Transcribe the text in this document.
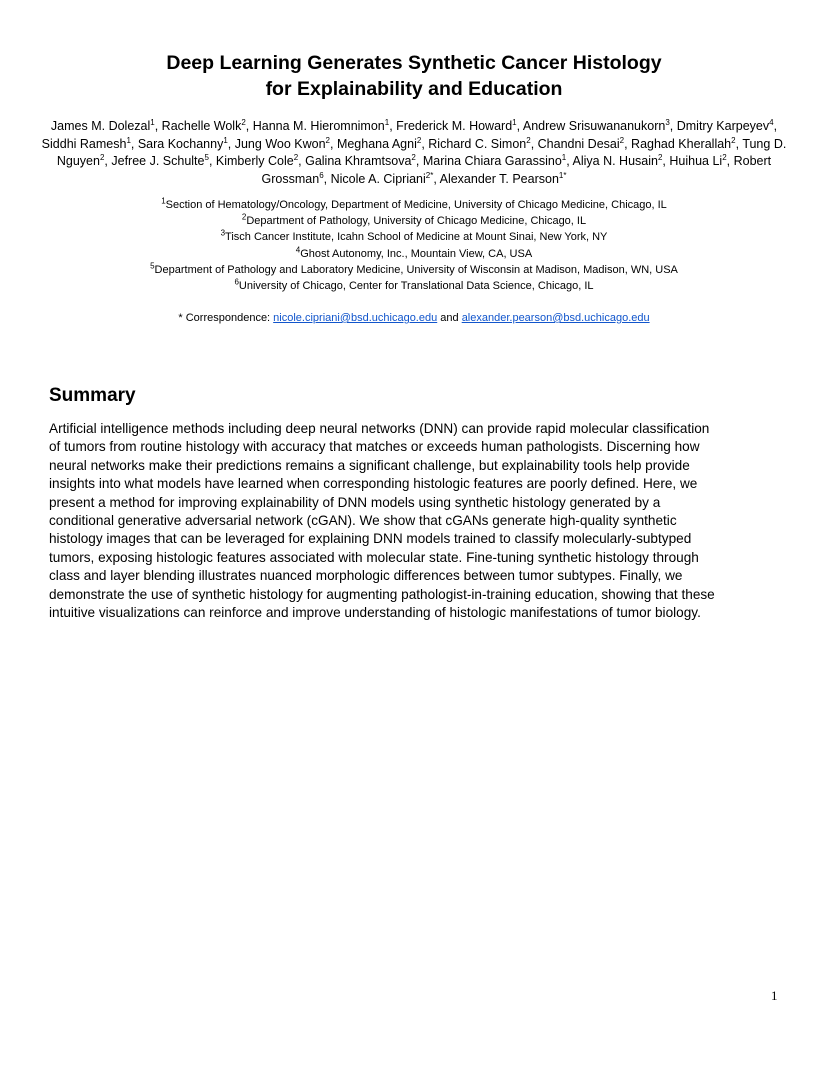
Deep Learning Generates Synthetic Cancer Histology
for Explainability and Education

James M. Dolezal$^1$, Rachelle Wolk$^2$, Hanna M. Hieromnimon$^1$, Frederick M. Howard$^1$, Andrew Srisuwananukorn$^3$, Dmitry Karpeyev$^4$, Siddhi Ramesh$^1$, Sara Kochanny$^1$, Jung Woo Kwon$^2$, Meghana Agni$^2$, Richard C. Simon$^2$, Chandni Desai$^2$, Raghad Kherallah$^2$, Tung D. Nguyen$^2$, Jefree J. Schulte$^5$, Kimberly Cole$^2$, Galina Khramtsova$^2$, Marina Chiara Garassino$^1$, Aliya N. Husain$^2$, Huihua Li$^2$, Robert Grossman$^6$, Nicole A. Cipriani$^{2*}$, Alexander T. Pearson$^{1*}$

$^1$Section of Hematology/Oncology, Department of Medicine, University of Chicago Medicine, Chicago, IL
$^2$Department of Pathology, University of Chicago Medicine, Chicago, IL
$^3$Tisch Cancer Institute, Icahn School of Medicine at Mount Sinai, New York, NY
$^4$Ghost Autonomy, Inc., Mountain View, CA, USA
$^5$Department of Pathology and Laboratory Medicine, University of Wisconsin at Madison, Madison, WN, USA
$^6$University of Chicago, Center for Translational Data Science, Chicago, IL

* Correspondence: nicole.cipriani@bsd.uchicago.edu and alexander.pearson@bsd.uchicago.edu

Summary
Artificial intelligence methods including deep neural networks (DNN) can provide rapid molecular classification
of tumors from routine histology with accuracy that matches or exceeds human pathologists. Discerning how
neural networks make their predictions remains a significant challenge, but explainability tools help provide
insights into what models have learned when corresponding histologic features are poorly defined. Here, we
present a method for improving explainability of DNN models using synthetic histology generated by a
conditional generative adversarial network (cGAN). We show that cGANs generate high-quality synthetic
histology images that can be leveraged for explaining DNN models trained to classify molecularly-subtyped
tumors, exposing histologic features associated with molecular state. Fine-tuning synthetic histology through
class and layer blending illustrates nuanced morphologic differences between tumor subtypes. Finally, we
demonstrate the use of synthetic histology for augmenting pathologist-in-training education, showing that these
intuitive visualizations can reinforce and improve understanding of histologic manifestations of tumor biology.
1
